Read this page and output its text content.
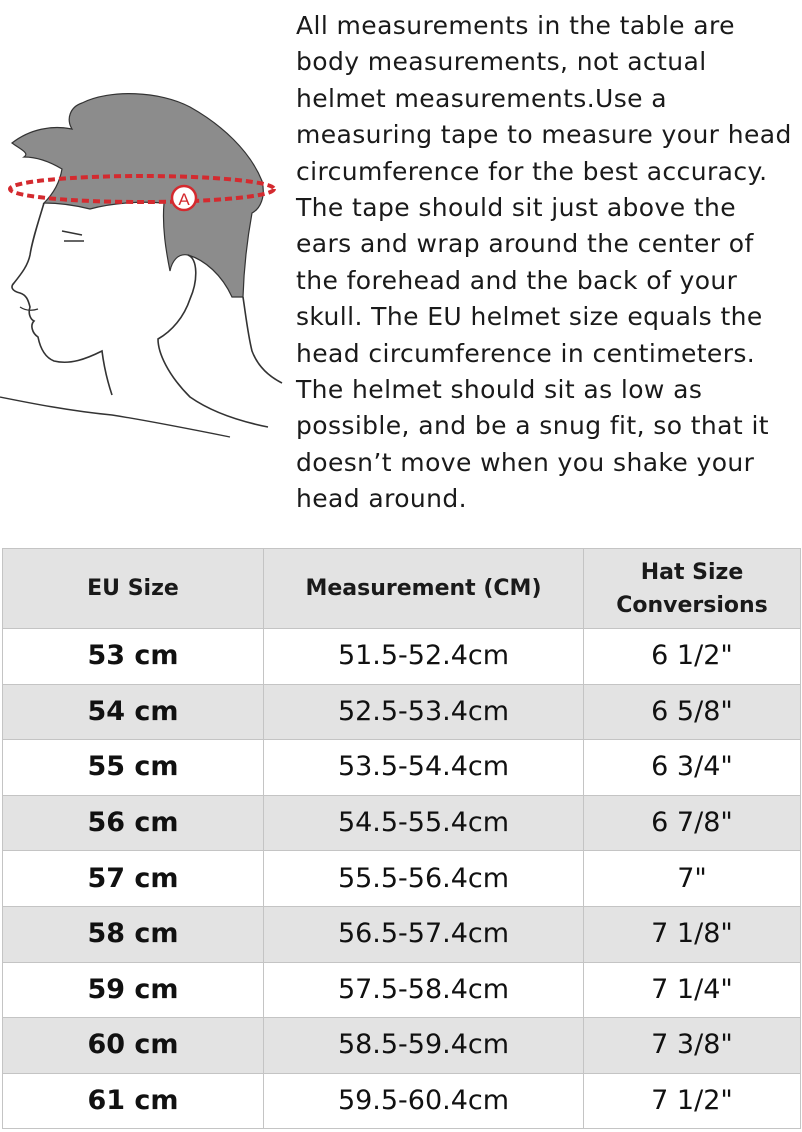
A
All measurements in the table are body measurements, not actual helmet measurements.Use a measuring tape to measure your head circumference for the best accuracy. The tape should sit just above the ears and wrap around the center of the forehead and the back of your skull. The EU helmet size equals the head circumference in centimeters. The helmet should sit as low as possible, and be a snug fit, so that it doesn’t move when you shake your head around.
EU Size	Measurement (CM)	Hat Size
Conversions

53 cm	51.5-52.4cm	6 1/2"
54 cm	52.5-53.4cm	6 5/8"
55 cm	53.5-54.4cm	6 3/4"
56 cm	54.5-55.4cm	6 7/8"
57 cm	55.5-56.4cm	7"
58 cm	56.5-57.4cm	7 1/8"
59 cm	57.5-58.4cm	7 1/4"
60 cm	58.5-59.4cm	7 3/8"
61 cm	59.5-60.4cm	7 1/2"
